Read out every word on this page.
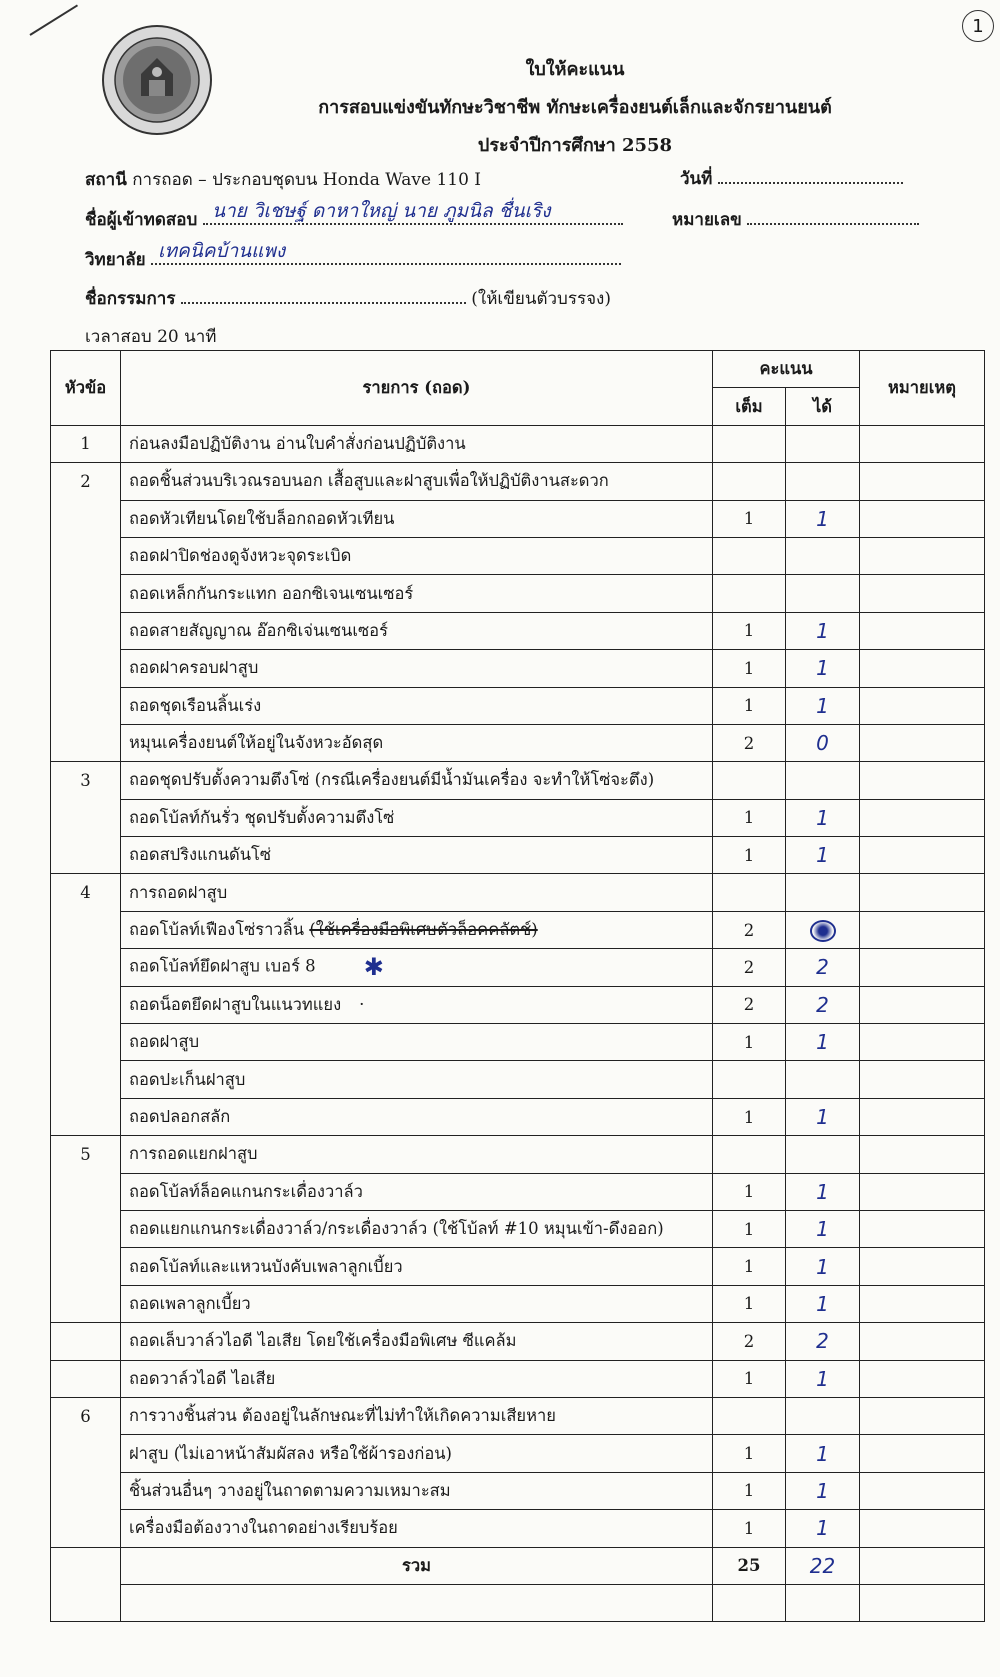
1
ใบให้คะแนน
การสอบแข่งขันทักษะวิชาชีพ ทักษะเครื่องยนต์เล็กและจักรยานยนต์
ประจำปีการศึกษา 2558
สถานี การถอด – ประกอบชุดบน Honda Wave 110 I	วันที่
ชื่อผู้เข้าทดสอบ นาย วิเชษฐ์ ดาหาใหญ่ นาย ภูมนิล ชื่นเริง	หมายเลข
วิทยาลัย เทคนิคบ้านแพง
ชื่อกรรมการ	(ให้เขียนตัวบรรจง)
เวลาสอบ 20 นาที
หัวข้อ	รายการ (ถอด)	คะแนน		หมายเหตุ
		เต็ม	ได้	
1	ก่อนลงมือปฏิบัติงาน อ่านใบคำสั่งก่อนปฏิบัติงาน			
2	ถอดชิ้นส่วนบริเวณรอบนอก เสื้อสูบและฝาสูบเพื่อให้ปฏิบัติงานสะดวก			
	ถอดหัวเทียนโดยใช้บล็อกถอดหัวเทียน	1	1	
	ถอดฝาปิดช่องดูจังหวะจุดระเบิด			
	ถอดเหล็กกันกระแทก ออกซิเจนเซนเซอร์			
	ถอดสายสัญญาณ อ๊อกซิเจ่นเซนเซอร์	1	1	
	ถอดฝาครอบฝาสูบ	1	1	
	ถอดชุดเรือนลิ้นเร่ง	1	1	
	หมุนเครื่องยนต์ให้อยู่ในจังหวะอัดสุด	2	0	
3	ถอดชุดปรับตั้งความตึงโซ่ (กรณีเครื่องยนต์มีน้ำมันเครื่อง จะทำให้โซ่จะตึง)			
	ถอดโบ้ลท์กันรั่ว ชุดปรับตั้งความตึงโซ่	1	1	
	ถอดสปริงแกนดันโซ่	1	1	
4	การถอดฝาสูบ			
	ถอดโบ้ลท์เฟืองโซ่ราวลิ้น (ใช้เครื่องมือพิเศษตัวล็อคคลัตช์)	2		
	ถอดโบ้ลท์ยึดฝาสูบ เบอร์ 8 ✱	2	2	
	ถอดน็อตยึดฝาสูบในแนวทแยง ·	2	2	
	ถอดฝาสูบ	1	1	
	ถอดปะเก็นฝาสูบ			
	ถอดปลอกสลัก	1	1	
5	การถอดแยกฝาสูบ			
	ถอดโบ้ลท์ล็อคแกนกระเดื่องวาล์ว	1	1	
	ถอดแยกแกนกระเดื่องวาล์ว/กระเดื่องวาล์ว (ใช้โบ้ลท์ #10 หมุนเข้า-ดึงออก)	1	1	
	ถอดโบ้ลท์และแหวนบังคับเพลาลูกเบี้ยว	1	1	
	ถอดเพลาลูกเบี้ยว	1	1	
	ถอดเล็บวาล์วไอดี ไอเสีย โดยใช้เครื่องมือพิเศษ ซีแคล้ม	2	2	
	ถอดวาล์วไอดี ไอเสีย	1	1	
6	การวางชิ้นส่วน ต้องอยู่ในลักษณะที่ไม่ทำให้เกิดความเสียหาย			
	ฝาสูบ (ไม่เอาหน้าสัมผัสลง หรือใช้ผ้ารองก่อน)	1	1	
	ชิ้นส่วนอื่นๆ วางอยู่ในถาดตามความเหมาะสม	1	1	
	เครื่องมือต้องวางในถาดอย่างเรียบร้อย	1	1	
	รวม	25	22	
